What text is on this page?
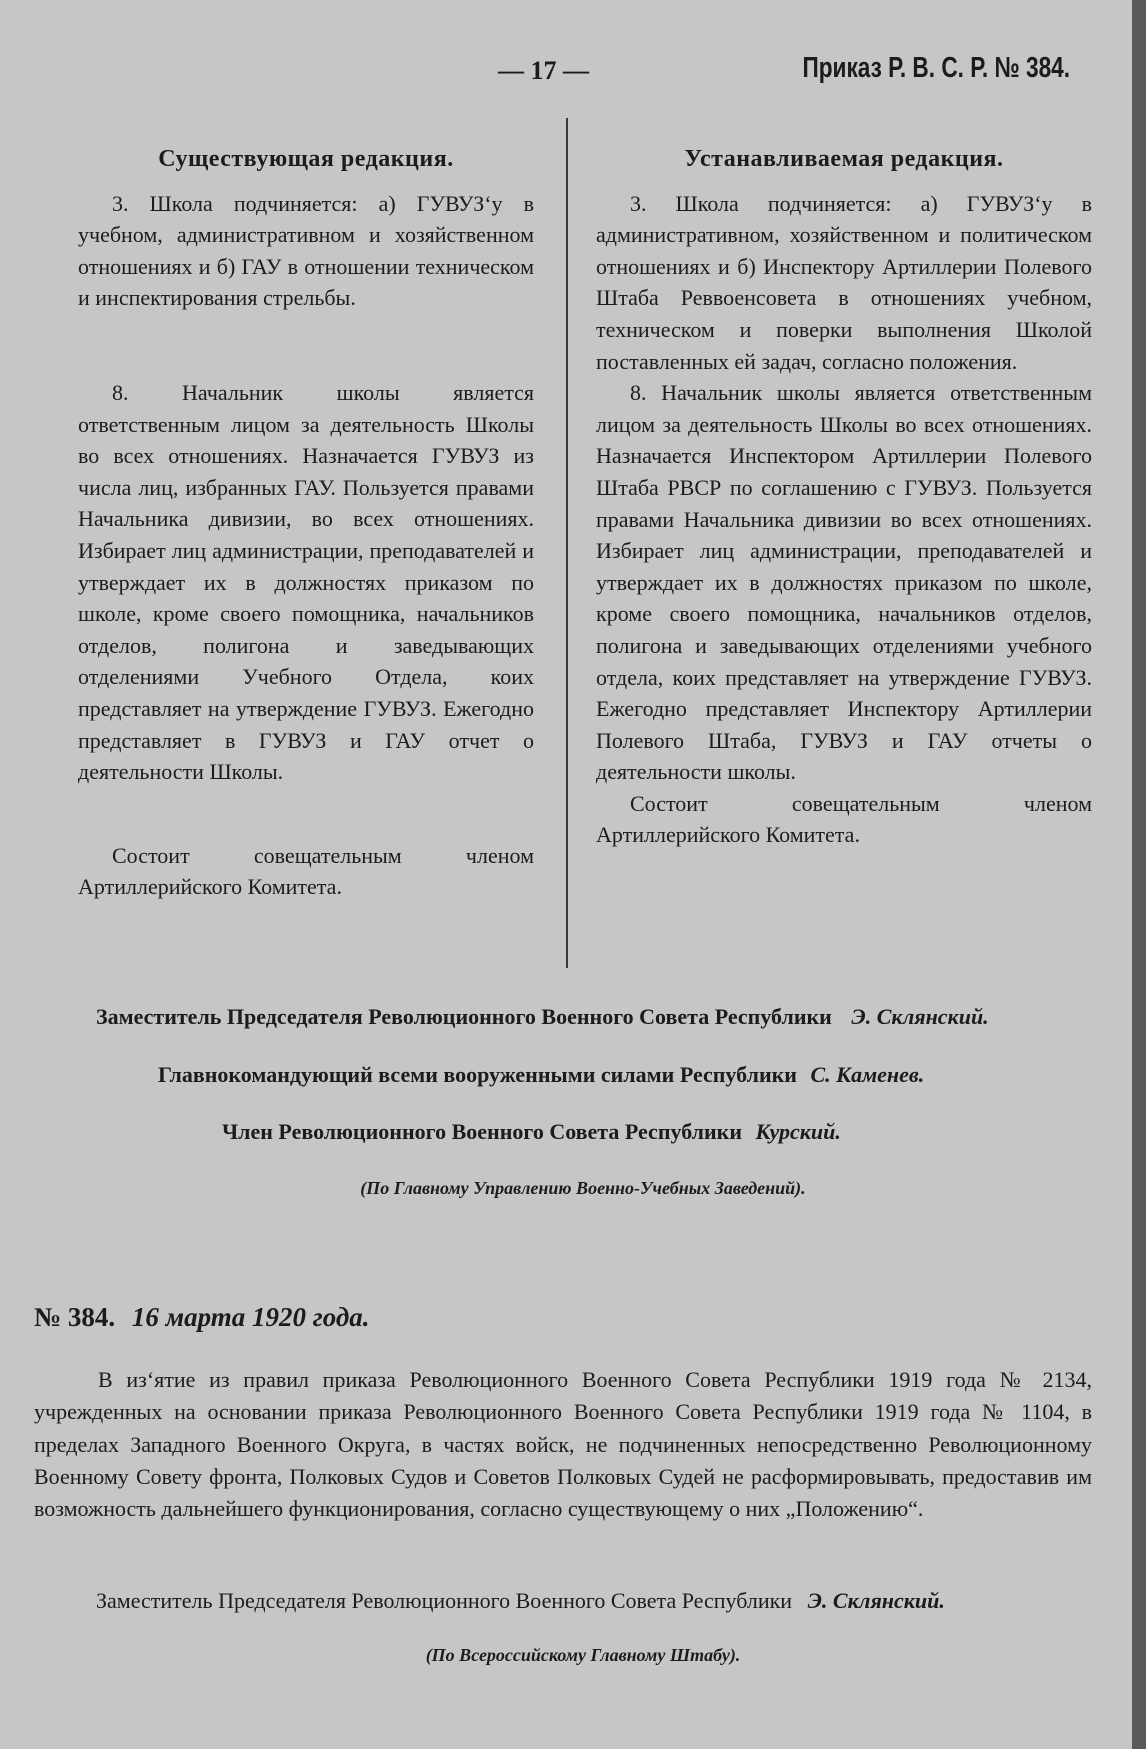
— 17 —	Приказ Р. В. С. Р. № 384.
Существующая редакция.

3. Школа подчиняется: а) ГУВУЗ‘у в учебном, административном и хозяйственном отношениях и б) ГАУ в отношении техничеcком и инспектирования стрельбы.

8. Начальник школы является ответственным лицом за деятельность Школы во всех отношениях. Назначается ГУВУЗ из числа лиц, избранных ГАУ. Пользуется правами Начальника дивизии, во всех отношениях. Избирает лиц администрации, преподавателей и утверждает их в должностях приказом по школе, кроме своего помощника, начальников отделов, полигона и заведывающих отделениями Учебного Отдела, коих представляет на утверждение ГУВУЗ. Ежегодно представляет в ГУВУЗ и ГАУ отчет о деятельности Школы.

Состоит совещательным членом Артиллерийского Комитета.

Устанавливаемая редакция.

3. Школа подчиняется: а) ГУВУЗ‘у в административном, хозяйственном и политическом отношениях и б) Инспектору Артиллерии Полевого Штаба Реввоенсовета в отношениях учебном, техническом и поверки выполнения Школой поставленных ей задач, согласно положения.

8. Начальник школы является ответственным лицом за деятельность Школы во всех отношениях. Назначается Инспектором Артиллерии Полевого Штаба РВСР по соглашению с ГУВУЗ. Пользуется правами Начальника дивизии во всех отношениях. Избирает лиц администрации, преподавателей и утверждает их в должностях приказом по школе, кроме своего помощника, начальников отделов, полигона и заведывающих отделениями учебного отдела, коих представляет на утверждение ГУВУЗ. Ежегодно представляет Инспектору Артиллерии Полевого Штаба, ГУВУЗ и ГАУ отчеты о деятельности школы.

Состоит совещательным членом Артиллерийского Комитета.

Заместитель Председателя Революционного Военного Совета Республики Э. Склянский.
Главнокомандующий всеми вооруженными силами Республики С. Каменев.
Член Революционного Военного Совета Республики Курский.
(По Главному Управлению Военно-Учебных Заведений).
№ 384. 16 марта 1920 года.
В из‘ятие из правил приказа Революционного Военного Совета Республики 1919 года № 2134, учрежденных на основании приказа Революционного Военного Совета Республики 1919 года № 1104, в пределах Западного Военного Округа, в частях войск, не подчиненных непосредственно Революционному Военному Совету фронта, Полковых Судов и Советов Полковых Судей не расформировывать, предоставив им возможность дальнейшего функционирования, согласно существующему о них „Положению“.
Заместитель Председателя Революционного Военного Совета Республики Э. Склянский.
(По Всероссийскому Главному Штабу).
